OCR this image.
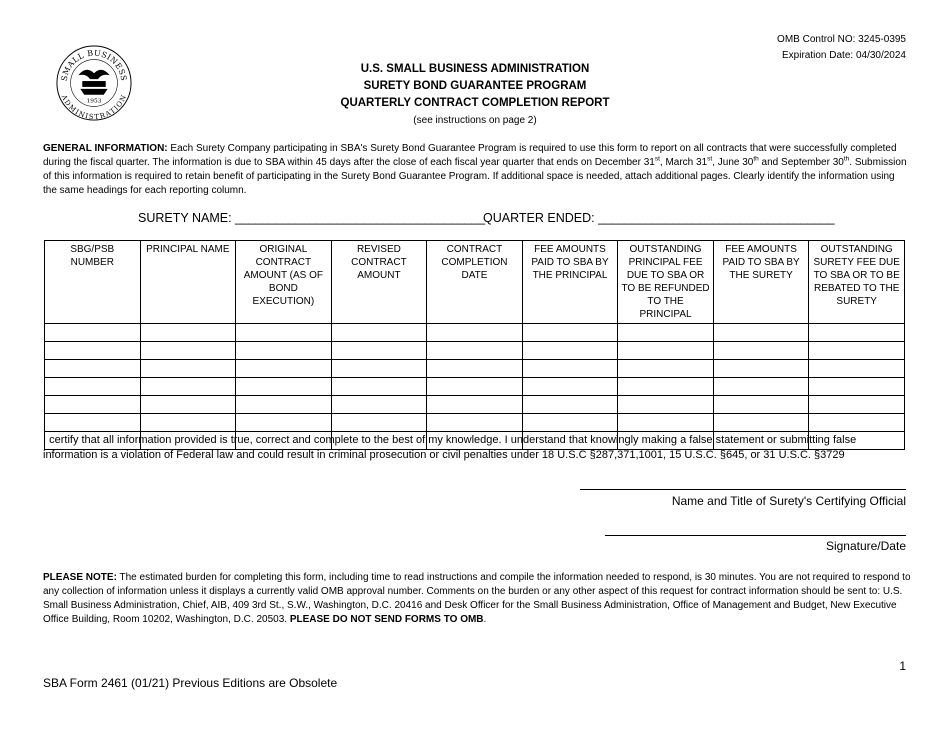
OMB Control NO: 3245-0395
Expiration Date: 04/30/2024
SMALL BUSINESS
ADMINISTRATION
1953
U.S. SMALL BUSINESS ADMINISTRATION
SURETY BOND GUARANTEE PROGRAM
QUARTERLY CONTRACT COMPLETION REPORT
(see instructions on page 2)
GENERAL INFORMATION: Each Surety Company participating in SBA's Surety Bond Guarantee Program is required to use this form to report on all contracts that were successfully completed during the fiscal quarter. The information is due to SBA within 45 days after the close of each fiscal year quarter that ends on December 31st, March 31st, June 30th and September 30th. Submission of this information is required to retain benefit of participating in the Surety Bond Guarantee Program. If additional space is needed, attach additional pages. Clearly identify the information using the same headings for each reporting column.
SURETY NAME: _____________________________________
QUARTER ENDED: ___________________________________
SBG/PSB NUMBER	PRINCIPAL NAME	ORIGINAL CONTRACT AMOUNT (AS OF BOND EXECUTION)	REVISED CONTRACT AMOUNT	CONTRACT COMPLETION DATE	FEE AMOUNTS PAID TO SBA BY THE PRINCIPAL	OUTSTANDING PRINCIPAL FEE DUE TO SBA OR TO BE REFUNDED TO THE PRINCIPAL	FEE AMOUNTS PAID TO SBA BY THE SURETY	OUTSTANDING SURETY FEE DUE TO SBA OR TO BE REBATED TO THE SURETY

I certify that all information provided is true, correct and complete to the best of my knowledge. I understand that knowingly making a false statement or submitting false information is a violation of Federal law and could result in criminal prosecution or civil penalties under 18 U.S.C §287,371,1001, 15 U.S.C. §645, or 31 U.S.C. §3729
Name and Title of Surety's Certifying Official
Signature/Date
PLEASE NOTE: The estimated burden for completing this form, including time to read instructions and compile the information needed to respond, is 30 minutes. You are not required to respond to any collection of information unless it displays a currently valid OMB approval number. Comments on the burden or any other aspect of this request for contract information should be sent to: U.S. Small Business Administration, Chief, AIB, 409 3rd St., S.W., Washington, D.C. 20416 and Desk Officer for the Small Business Administration, Office of Management and Budget, New Executive Office Building, Room 10202, Washington, D.C. 20503. PLEASE DO NOT SEND FORMS TO OMB.
1
SBA Form 2461 (01/21) Previous Editions are Obsolete
